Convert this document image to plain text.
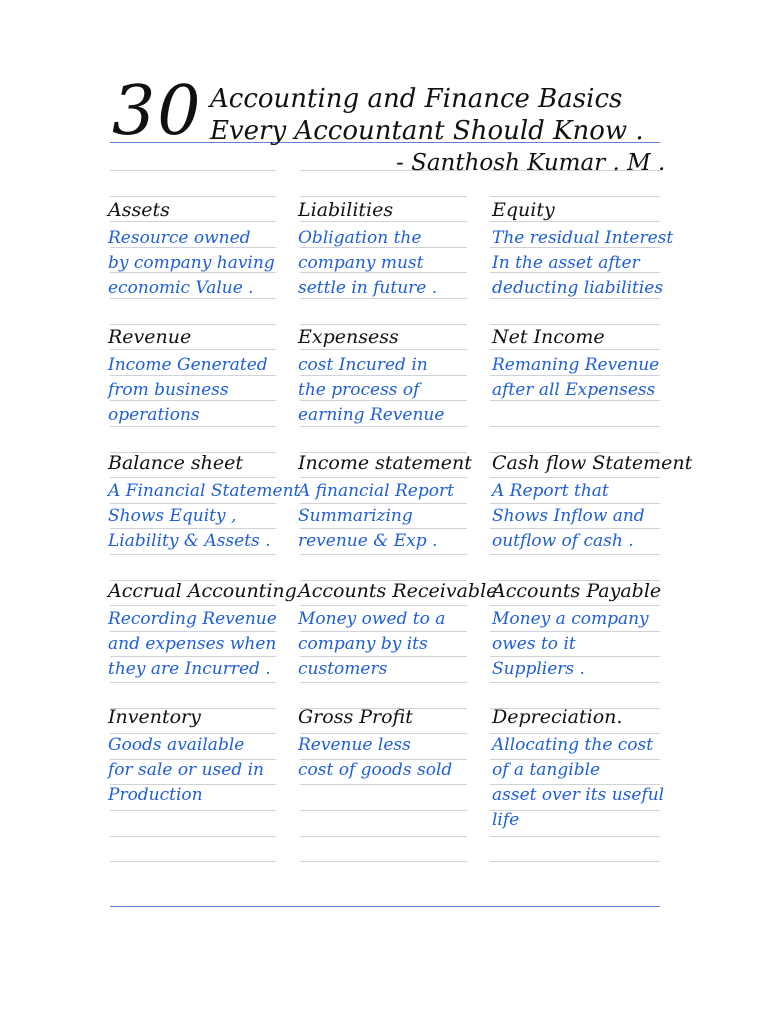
30 Accounting and Finance Basics
Every Accountant Should Know .
- Santhosh Kumar . M .
Assets
Resource owned
by company having
economic Value .
Liabilities
Obligation the
company must
settle in future .
Equity
The residual Interest
In the asset after
deducting liabilities
Revenue
Income Generated
from business
operations
Expensess
cost Incured in
the process of
earning Revenue
Net Income
Remaning Revenue
after all Expensess
Balance sheet
A Financial Statement
Shows Equity ,
Liability & Assets .
Income statement
A financial Report
Summarizing
revenue & Exp .
Cash flow Statement
A Report that
Shows Inflow and
outflow of cash .
Accrual Accounting
Recording Revenue
and expenses when
they are Incurred .
Accounts Receivable
Money owed to a
company by its
customers
Accounts Payable
Money a company
owes to it
Suppliers .
Inventory
Goods available
for sale or used in
Production
Gross Profit
Revenue less
cost of goods sold
Depreciation.
Allocating the cost
of a tangible
asset over its useful
life
